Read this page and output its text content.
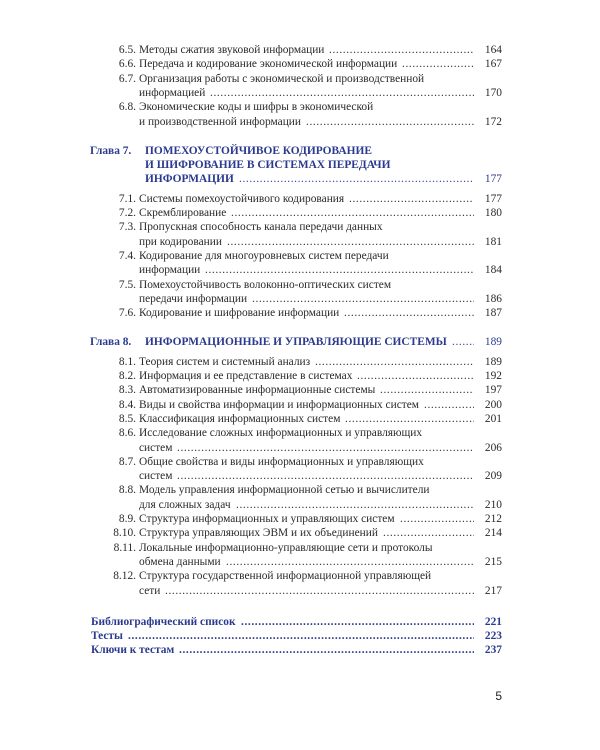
6.5. Методы сжатия звуковой информации .....	164
6.6. Передача и кодирование экономической информации .....	167
6.7. Организация работы с экономической и производственной
информацией .....	170
6.8. Экономические коды и шифры в экономической
и производственной информации .....	172
Глава 7.	ПОМЕХОУСТОЙЧИВОЕ КОДИРОВАНИЕ
И ШИФРОВАНИЕ В СИСТЕМАХ ПЕРЕДАЧИ
ИНФОРМАЦИИ .....	177
7.1. Системы помехоустойчивого кодирования .....	177
7.2. Скремблирование .....	180
7.3. Пропускная способность канала передачи данных
при кодировании .....	181
7.4. Кодирование для многоуровневых систем передачи
информации .....	184
7.5. Помехоустойчивость волоконно-оптических систем
передачи информации .....	186
7.6. Кодирование и шифрование информации .....	187
Глава 8.	ИНФОРМАЦИОННЫЕ И УПРАВЛЯЮЩИЕ СИСТЕМЫ .....	189
8.1. Теория систем и системный анализ .....	189
8.2. Информация и ее представление в системах .....	192
8.3. Автоматизированные информационные системы .....	197
8.4. Виды и свойства информации и информационных систем .....	200
8.5. Классификация информационных систем .....	201
8.6. Исследование сложных информационных и управляющих
систем .....	206
8.7. Общие свойства и виды информационных и управляющих
систем .....	209
8.8. Модель управления информационной сетью и вычислители
для сложных задач .....	210
8.9. Структура информационных и управляющих систем .....	212
8.10. Структура управляющих ЭВМ и их объединений .....	214
8.11. Локальные информационно-управляющие сети и протоколы
обмена данными .....	215
8.12. Структура государственной информационной управляющей
сети .....	217
Библиографический список .....	221
Тесты .....	223
Ключи к тестам .....	237
5
